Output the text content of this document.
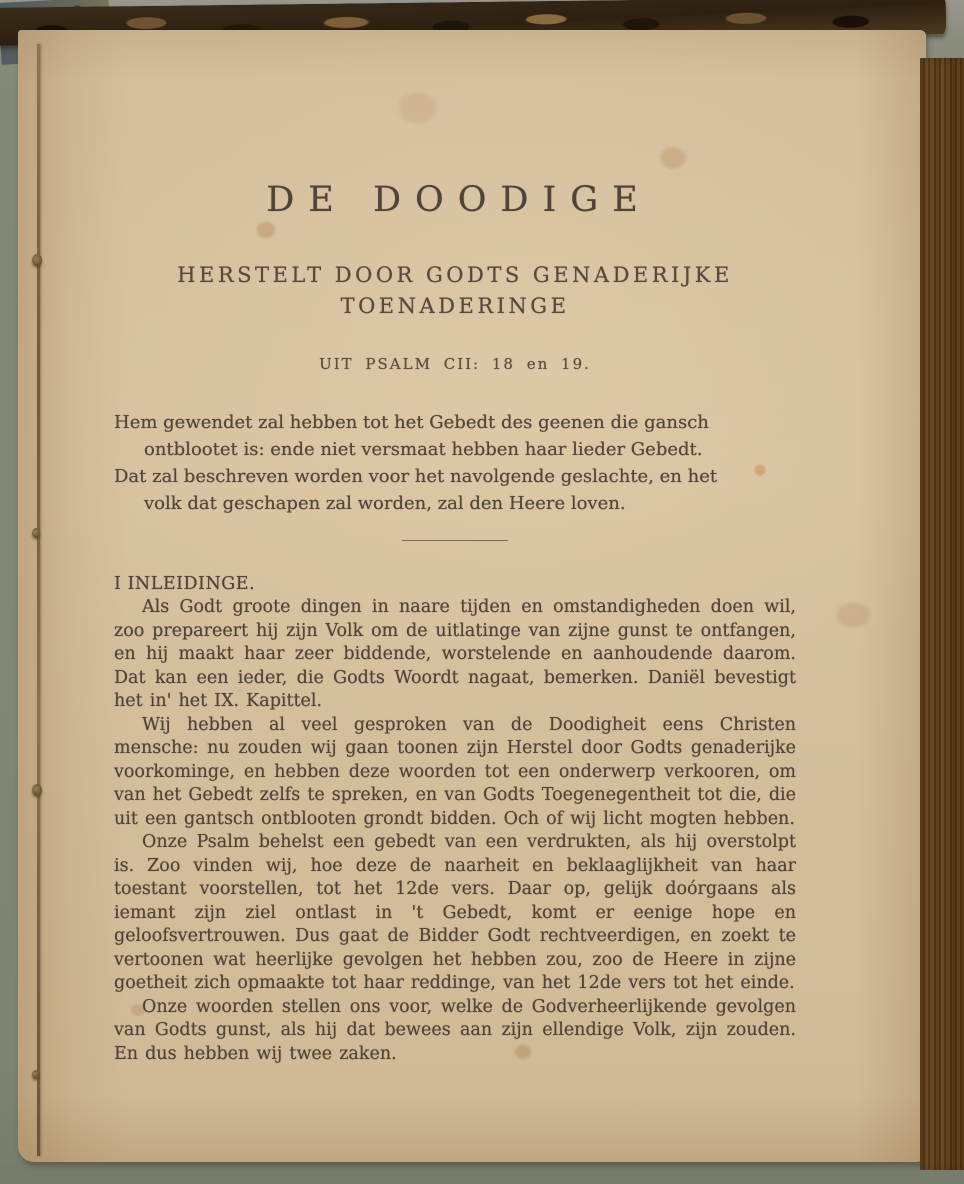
DE DOODIGE
HERSTELT DOOR GODTS GENADERIJKE
TOENADERINGE
UIT PSALM CII: 18 en 19.
Hem gewendet zal hebben tot het Gebedt des geenen die gansch
ontblootet is: ende niet versmaat hebben haar lieder Gebedt.
Dat zal beschreven worden voor het navolgende geslachte, en het
volk dat geschapen zal worden, zal den Heere loven.
I INLEIDINGE.

Als Godt groote dingen in naare tijden en omstandigheden doen wil, zoo prepareert hij zijn Volk om de uitlatinge van zijne gunst te ontfangen, en hij maakt haar zeer biddende, worstelende en aanhoudende daarom. Dat kan een ieder, die Godts Woordt nagaat, bemerken. Daniël bevestigt het in' het IX. Kapittel.

Wij hebben al veel gesproken van de Doodigheit eens Christen mensche: nu zouden wij gaan toonen zijn Herstel door Godts genaderijke voorkominge, en hebben deze woorden tot een onderwerp verkooren, om van het Gebedt zelfs te spreken, en van Godts Toegenegentheit tot die, die uit een gantsch ontblooten grondt bidden. Och of wij licht mogten hebben.

Onze Psalm behelst een gebedt van een verdrukten, als hij overstolpt is. Zoo vinden wij, hoe deze de naarheit en beklaaglijkheit van haar toestant voorstellen, tot het 12de vers. Daar op, gelijk doórgaans als iemant zijn ziel ontlast in 't Gebedt, komt er eenige hope en geloofsvertrouwen. Dus gaat de Bidder Godt rechtveerdigen, en zoekt te vertoonen wat heerlijke gevolgen het hebben zou, zoo de Heere in zijne goetheit zich opmaakte tot haar reddinge, van het 12de vers tot het einde.

Onze woorden stellen ons voor, welke de Godverheerlijkende gevolgen van Godts gunst, als hij dat bewees aan zijn ellendige Volk, zijn zouden. En dus hebben wij twee zaken.
